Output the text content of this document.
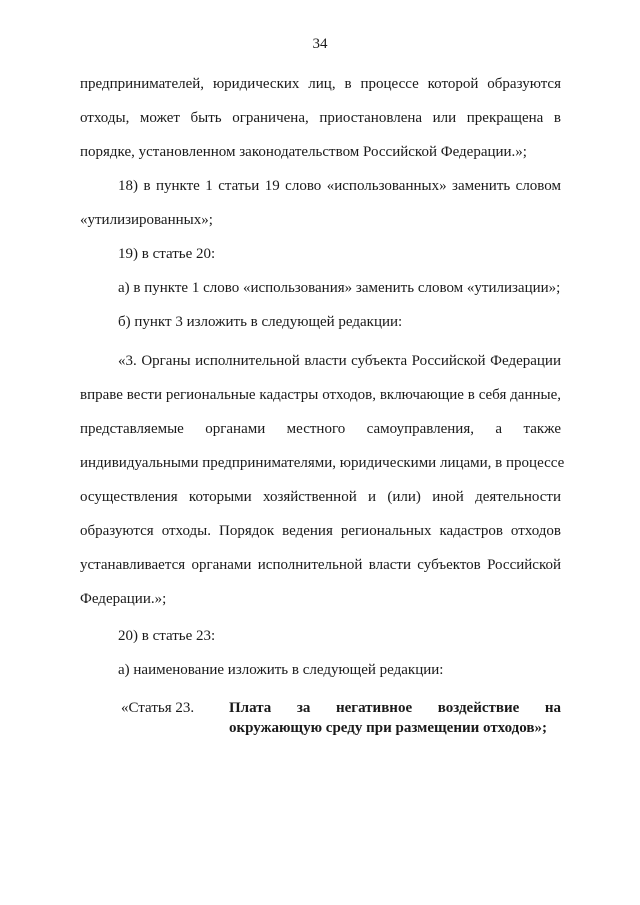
34
предпринимателей, юридических лиц, в процессе которой образуются
отходы, может быть ограничена, приостановлена или прекращена в
порядке, установленном законодательством Российской Федерации.»;
18) в пункте 1 статьи 19 слово «использованных» заменить словом
«утилизированных»;
19) в статье 20:
а) в пункте 1 слово «использования» заменить словом «утилизации»;
б) пункт 3 изложить в следующей редакции:
«3. Органы исполнительной власти субъекта Российской Федерации
вправе вести региональные кадастры отходов, включающие в себя данные,
представляемые органами местного самоуправления, а также
индивидуальными предпринимателями, юридическими лицами, в процессе
осуществления которыми хозяйственной и (или) иной деятельности
образуются отходы. Порядок ведения региональных кадастров отходов
устанавливается органами исполнительной власти субъектов Российской
Федерации.»;
20) в статье 23:
а) наименование изложить в следующей редакции:
«Статья 23. Плата за негативное воздействие на
окружающую среду при размещении отходов»;
